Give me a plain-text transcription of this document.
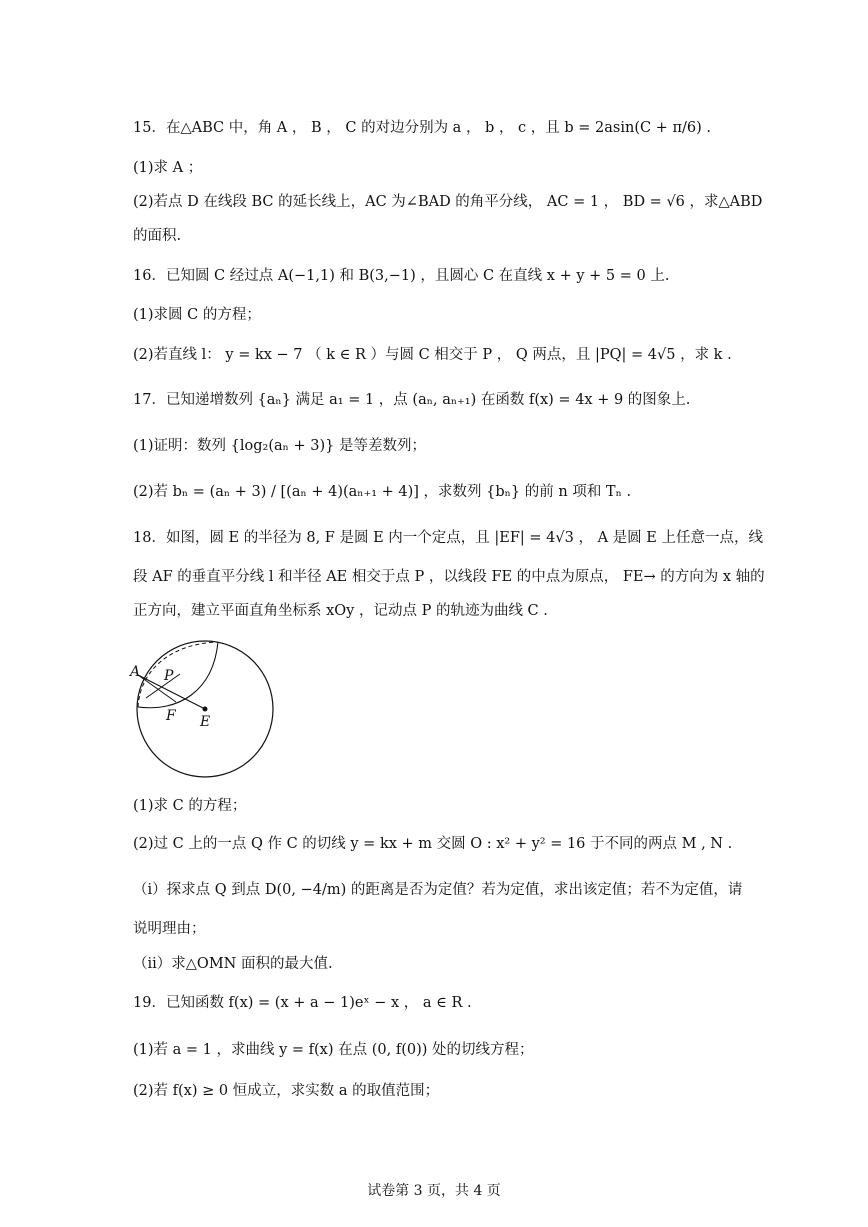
15．在△ABC 中，角 A ， B ， C 的对边分别为 a ， b ， c ，且 b = 2asin(C + π/6) .
(1)求 A ；
(2)若点 D 在线段 BC 的延长线上，AC 为∠BAD 的角平分线， AC = 1 ， BD = √6 ，求△ABD
的面积.
16．已知圆 C 经过点 A(−1,1) 和 B(3,−1) ，且圆心 C 在直线 x + y + 5 = 0 上.
(1)求圆 C 的方程；
(2)若直线 l： y = kx − 7 （ k ∈ R ）与圆 C 相交于 P ， Q 两点，且 |PQ| = 4√5 ，求 k .
17．已知递增数列 {aₙ} 满足 a₁ = 1 ，点 (aₙ, aₙ₊₁) 在函数 f(x) = 4x + 9 的图象上.
(1)证明：数列 {log₂(aₙ + 3)} 是等差数列；
(2)若 bₙ = (aₙ + 3) / [(aₙ + 4)(aₙ₊₁ + 4)] ，求数列 {bₙ} 的前 n 项和 Tₙ .
18．如图，圆 E 的半径为 8, F 是圆 E 内一个定点，且 |EF| = 4√3 ， A 是圆 E 上任意一点，线
段 AF 的垂直平分线 l 和半径 AE 相交于点 P ，以线段 FE 的中点为原点， FE→ 的方向为 x 轴的
正方向，建立平面直角坐标系 xOy ，记动点 P 的轨迹为曲线 C .
A P
F E
(1)求 C 的方程；
(2)过 C 上的一点 Q 作 C 的切线 y = kx + m 交圆 O : x² + y² = 16 于不同的两点 M , N .
（i）探求点 Q 到点 D(0, −4/m) 的距离是否为定值？若为定值，求出该定值；若不为定值，请
说明理由；
（ii）求△OMN 面积的最大值.
19．已知函数 f(x) = (x + a − 1)eˣ − x ， a ∈ R .
(1)若 a = 1 ，求曲线 y = f(x) 在点 (0, f(0)) 处的切线方程；
(2)若 f(x) ≥ 0 恒成立，求实数 a 的取值范围；
试卷第 3 页，共 4 页
